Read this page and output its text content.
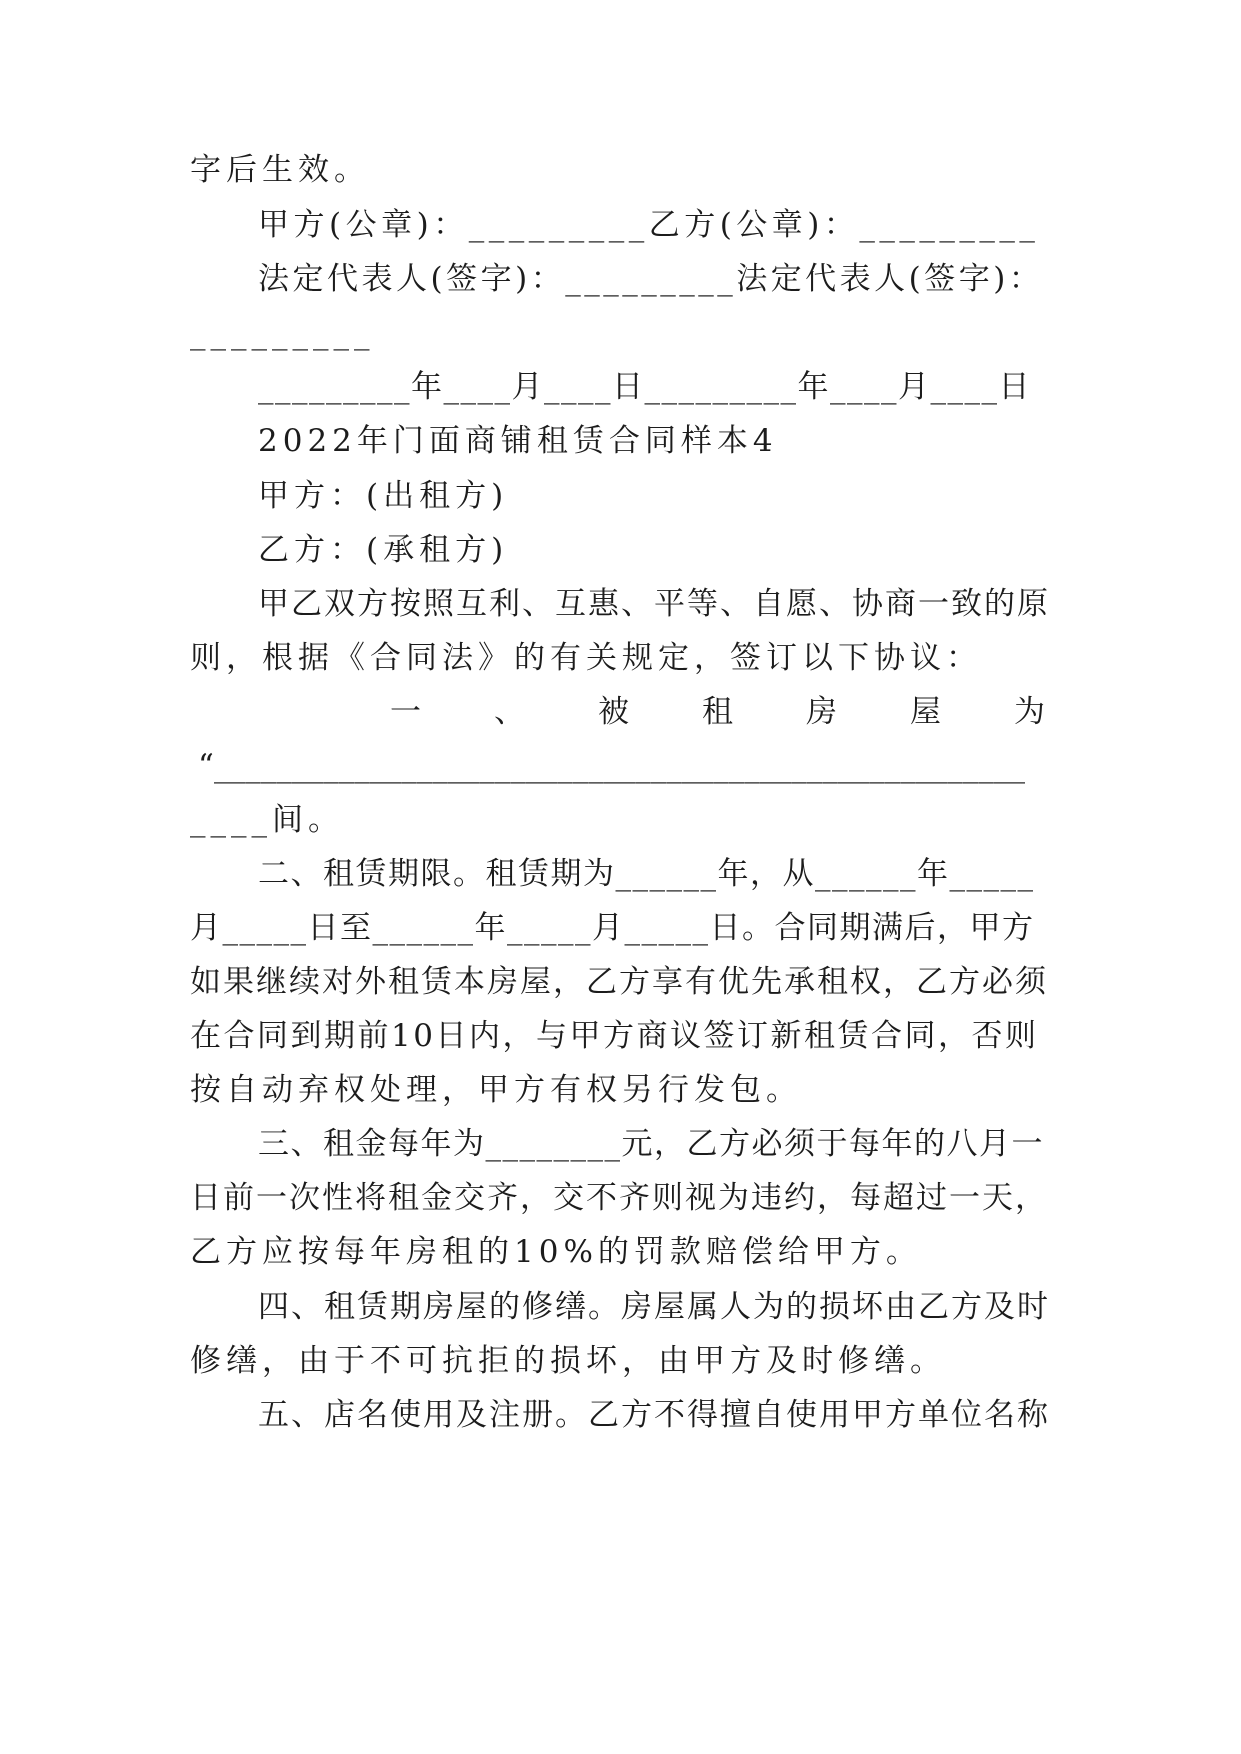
字后生效。
甲方(公章)：_________乙方(公章)：_________
法定代表人(签字)：_________法定代表人(签字)：
_________
_________年____月____日_________年____月____日
2022年门面商铺租赁合同样本4
甲方：(出租方)
乙方：(承租方)
甲乙双方按照互利、互惠、平等、自愿、协商一致的原
则，根据《合同法》的有关规定，签订以下协议：
一 、 被 租 房 屋 为
“____________________________________________________
____间。
二、租赁期限。租赁期为______年，从______年_____
月_____日至______年_____月_____日。合同期满后，甲方
如果继续对外租赁本房屋，乙方享有优先承租权，乙方必须
在合同到期前10日内，与甲方商议签订新租赁合同，否则
按自动弃权处理，甲方有权另行发包。
三、租金每年为________元，乙方必须于每年的八月一
日前一次性将租金交齐，交不齐则视为违约，每超过一天，
乙方应按每年房租的10%的罚款赔偿给甲方。
四、租赁期房屋的修缮。房屋属人为的损坏由乙方及时
修缮，由于不可抗拒的损坏，由甲方及时修缮。
五、店名使用及注册。乙方不得擅自使用甲方单位名称
